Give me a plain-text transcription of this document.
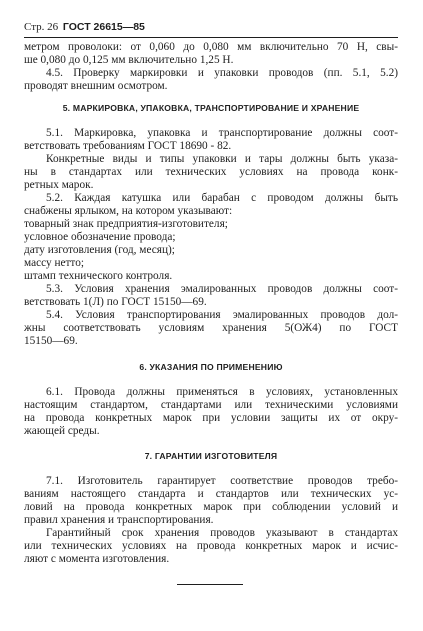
Стр. 26 ГОСТ 26615—85
метром проволоки: от 0,060 до 0,080 мм включительно 70 Н, свы-
ше 0,080 до 0,125 мм включительно 1,25 Н.
4.5. Проверку маркировки и упаковки проводов (пп. 5.1, 5.2)
проводят внешним осмотром.
5. МАРКИРОВКА, УПАКОВКА, ТРАНСПОРТИРОВАНИЕ И ХРАНЕНИЕ
5.1. Маркировка, упаковка и транспортирование должны соот-
ветствовать требованиям ГОСТ 18690 - 82.
Конкретные виды и типы упаковки и тары должны быть указа-
ны в стандартах или технических условиях на провода конк-
ретных марок.
5.2. Каждая катушка или барабан с проводом должны быть
снабжены ярлыком, на котором указывают:
товарный знак предприятия-изготовителя;
условное обозначение провода;
дату изготовления (год, месяц);
массу нетто;
штамп технического контроля.
5.3. Условия хранения эмалированных проводов должны соот-
ветствовать 1(Л) по ГОСТ 15150—69.
5.4. Условия транспортирования эмалированных проводов дол-
жны соответствовать условиям хранения 5(ОЖ4) по ГОСТ
15150—69.
6. УКАЗАНИЯ ПО ПРИМЕНЕНИЮ
6.1. Провода должны применяться в условиях, установленных
настоящим стандартом, стандартами или техническими условиями
на провода конкретных марок при условии защиты их от окру-
жающей среды.
7. ГАРАНТИИ ИЗГОТОВИТЕЛЯ
7.1. Изготовитель гарантирует соответствие проводов требо-
ваниям настоящего стандарта и стандартов или технических ус-
ловий на провода конкретных марок при соблюдении условий и
правил хранения и транспортирования.
Гарантийный срок хранения проводов указывают в стандартах
или технических условиях на провода конкретных марок и исчис-
ляют с момента изготовления.
